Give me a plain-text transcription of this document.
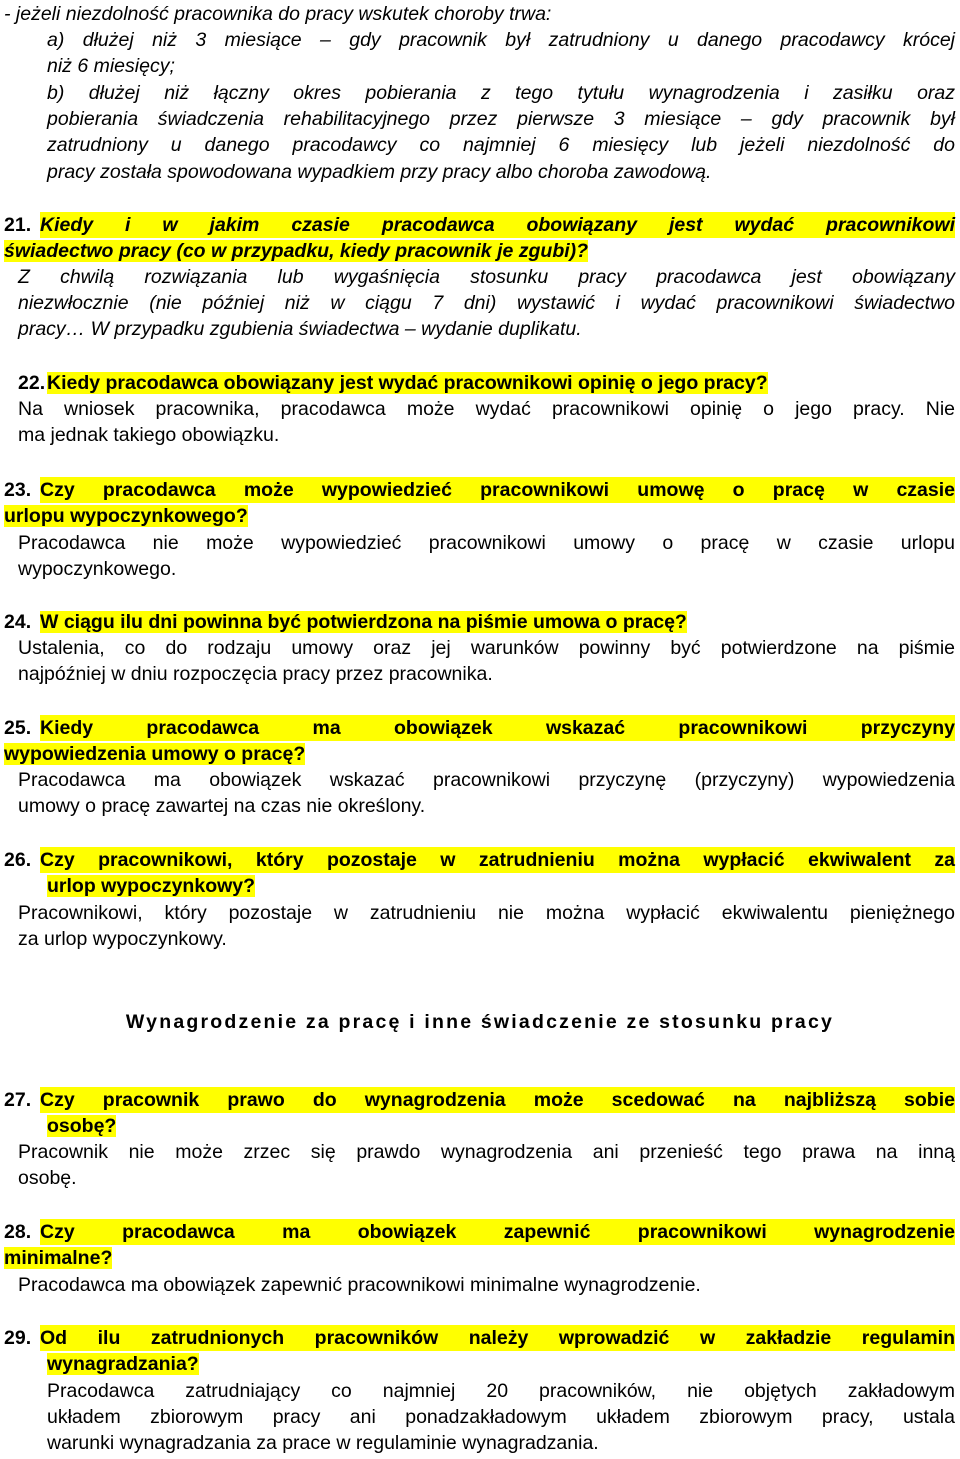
- jeżeli niezdolność pracownika do pracy wskutek choroby trwa:
a) dłużej niż 3 miesiące – gdy pracownik był zatrudniony u danego pracodawcy krócej
niż 6 miesięcy;
b) dłużej niż łączny okres pobierania z tego tytułu wynagrodzenia i zasiłku oraz
pobierania świadczenia rehabilitacyjnego przez pierwsze 3 miesiące – gdy pracownik był
zatrudniony u danego pracodawcy co najmniej 6 miesięcy lub jeżeli niezdolność do
pracy została spowodowana wypadkiem przy pracy albo choroba zawodową.
21. Kiedy i w jakim czasie pracodawca obowiązany jest wydać pracownikowi
świadectwo pracy (co w przypadku, kiedy pracownik je zgubi)?
Z chwilą rozwiązania lub wygaśnięcia stosunku pracy pracodawca jest obowiązany
niezwłocznie (nie później niż w ciągu 7 dni) wystawić i wydać pracownikowi świadectwo
pracy… W przypadku zgubienia świadectwa – wydanie duplikatu.
22. Kiedy pracodawca obowiązany jest wydać pracownikowi opinię o jego pracy?
Na wniosek pracownika, pracodawca może wydać pracownikowi opinię o jego pracy. Nie
ma jednak takiego obowiązku.
23. Czy pracodawca może wypowiedzieć pracownikowi umowę o pracę w czasie
urlopu wypoczynkowego?
Pracodawca nie może wypowiedzieć pracownikowi umowy o pracę w czasie urlopu
wypoczynkowego.
24. W ciągu ilu dni powinna być potwierdzona na piśmie umowa o pracę?
Ustalenia, co do rodzaju umowy oraz jej warunków powinny być potwierdzone na piśmie
najpóźniej w dniu rozpoczęcia pracy przez pracownika.
25. Kiedy pracodawca ma obowiązek wskazać pracownikowi przyczyny
wypowiedzenia umowy o pracę?
Pracodawca ma obowiązek wskazać pracownikowi przyczynę (przyczyny) wypowiedzenia
umowy o pracę zawartej na czas nie określony.
26. Czy pracownikowi, który pozostaje w zatrudnieniu można wypłacić ekwiwalent za
urlop wypoczynkowy?
Pracownikowi, który pozostaje w zatrudnieniu nie można wypłacić ekwiwalentu pieniężnego
za urlop wypoczynkowy.
Wynagrodzenie za pracę i inne świadczenie ze stosunku pracy
27. Czy pracownik prawo do wynagrodzenia może scedować na najbliższą sobie
osobę?
Pracownik nie może zrzec się prawdo wynagrodzenia ani przenieść tego prawa na inną
osobę.
28. Czy pracodawca ma obowiązek zapewnić pracownikowi wynagrodzenie
minimalne?
Pracodawca ma obowiązek zapewnić pracownikowi minimalne wynagrodzenie.
29. Od ilu zatrudnionych pracowników należy wprowadzić w zakładzie regulamin
wynagradzania?
Pracodawca zatrudniający co najmniej 20 pracowników, nie objętych zakładowym
układem zbiorowym pracy ani ponadzakładowym układem zbiorowym pracy, ustala
warunki wynagradzania za prace w regulaminie wynagradzania.
